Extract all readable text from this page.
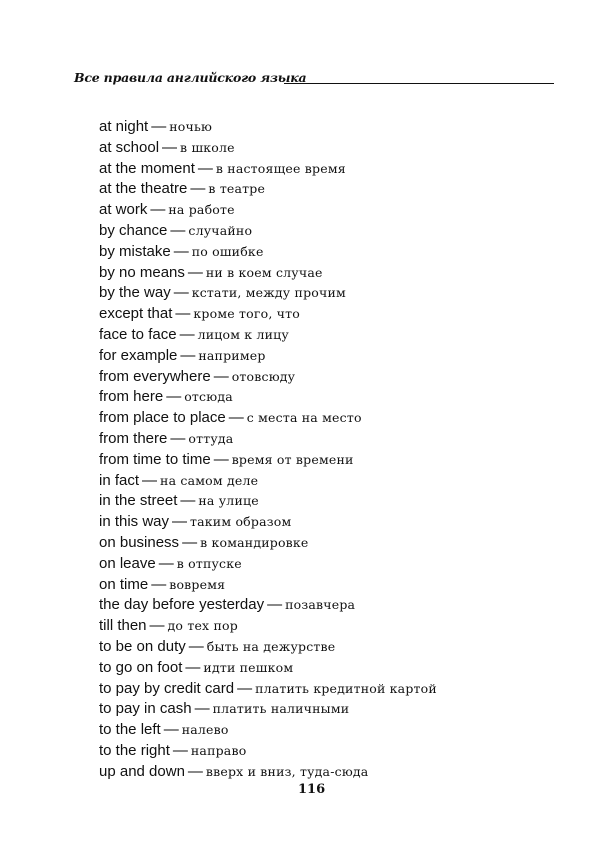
Все правила английского языка
at night — ночью
at school — в школе
at the moment — в настоящее время
at the theatre — в театре
at work — на работе
by chance — случайно
by mistake — по ошибке
by no means — ни в коем случае
by the way — кстати, между прочим
except that — кроме того, что
face to face — лицом к лицу
for example — например
from everywhere — отовсюду
from here — отсюда
from place to place — с места на место
from there — оттуда
from time to time — время от времени
in fact — на самом деле
in the street — на улице
in this way — таким образом
on business — в командировке
on leave — в отпуске
on time — вовремя
the day before yesterday — позавчера
till then — до тех пор
to be on duty — быть на дежурстве
to go on foot — идти пешком
to pay by credit card — платить кредитной картой
to pay in cash — платить наличными
to the left — налево
to the right — направо
up and down — вверх и вниз, туда-сюда
116
